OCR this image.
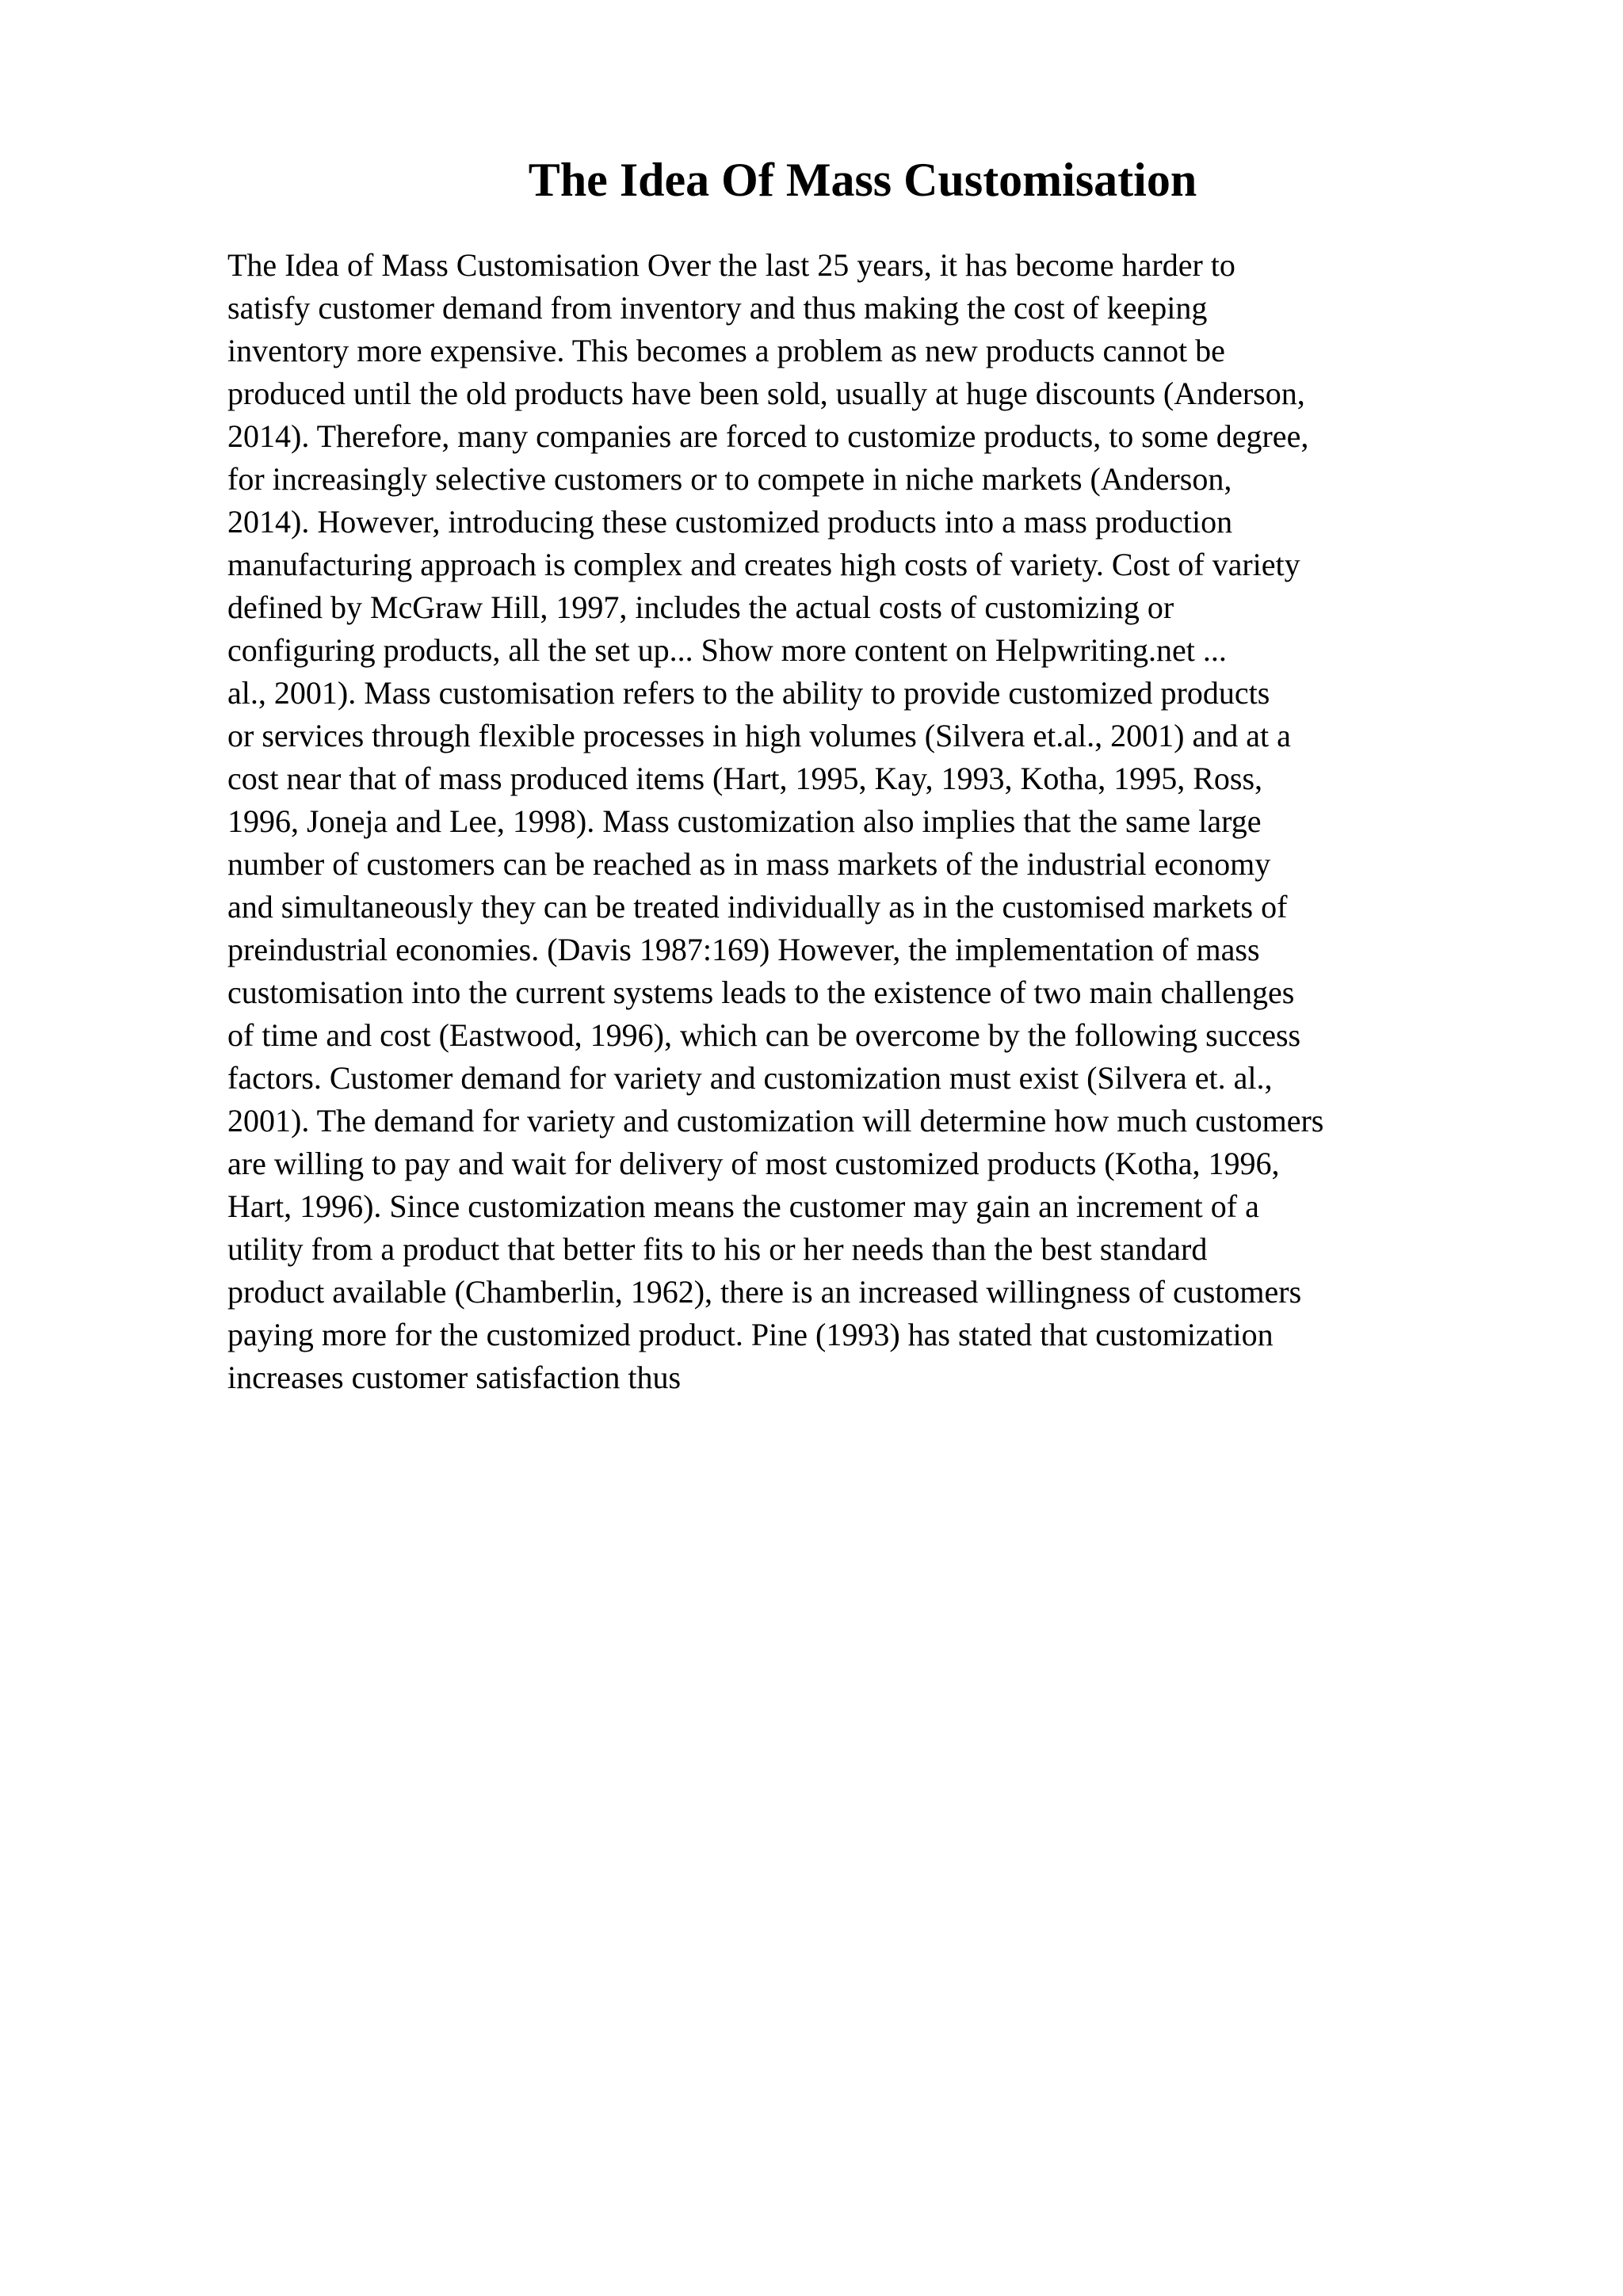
The Idea Of Mass Customisation
The Idea of Mass Customisation Over the last 25 years, it has become harder to
satisfy customer demand from inventory and thus making the cost of keeping
inventory more expensive. This becomes a problem as new products cannot be
produced until the old products have been sold, usually at huge discounts (Anderson,
2014). Therefore, many companies are forced to customize products, to some degree,
for increasingly selective customers or to compete in niche markets (Anderson,
2014). However, introducing these customized products into a mass production
manufacturing approach is complex and creates high costs of variety. Cost of variety
defined by McGraw Hill, 1997, includes the actual costs of customizing or
configuring products, all the set up... Show more content on Helpwriting.net ...
al., 2001). Mass customisation refers to the ability to provide customized products
or services through flexible processes in high volumes (Silvera et.al., 2001) and at a
cost near that of mass produced items (Hart, 1995, Kay, 1993, Kotha, 1995, Ross,
1996, Joneja and Lee, 1998). Mass customization also implies that the same large
number of customers can be reached as in mass markets of the industrial economy
and simultaneously they can be treated individually as in the customised markets of
preindustrial economies. (Davis 1987:169) However, the implementation of mass
customisation into the current systems leads to the existence of two main challenges
of time and cost (Eastwood, 1996), which can be overcome by the following success
factors. Customer demand for variety and customization must exist (Silvera et. al.,
2001). The demand for variety and customization will determine how much customers
are willing to pay and wait for delivery of most customized products (Kotha, 1996,
Hart, 1996). Since customization means the customer may gain an increment of a
utility from a product that better fits to his or her needs than the best standard
product available (Chamberlin, 1962), there is an increased willingness of customers
paying more for the customized product. Pine (1993) has stated that customization
increases customer satisfaction thus
